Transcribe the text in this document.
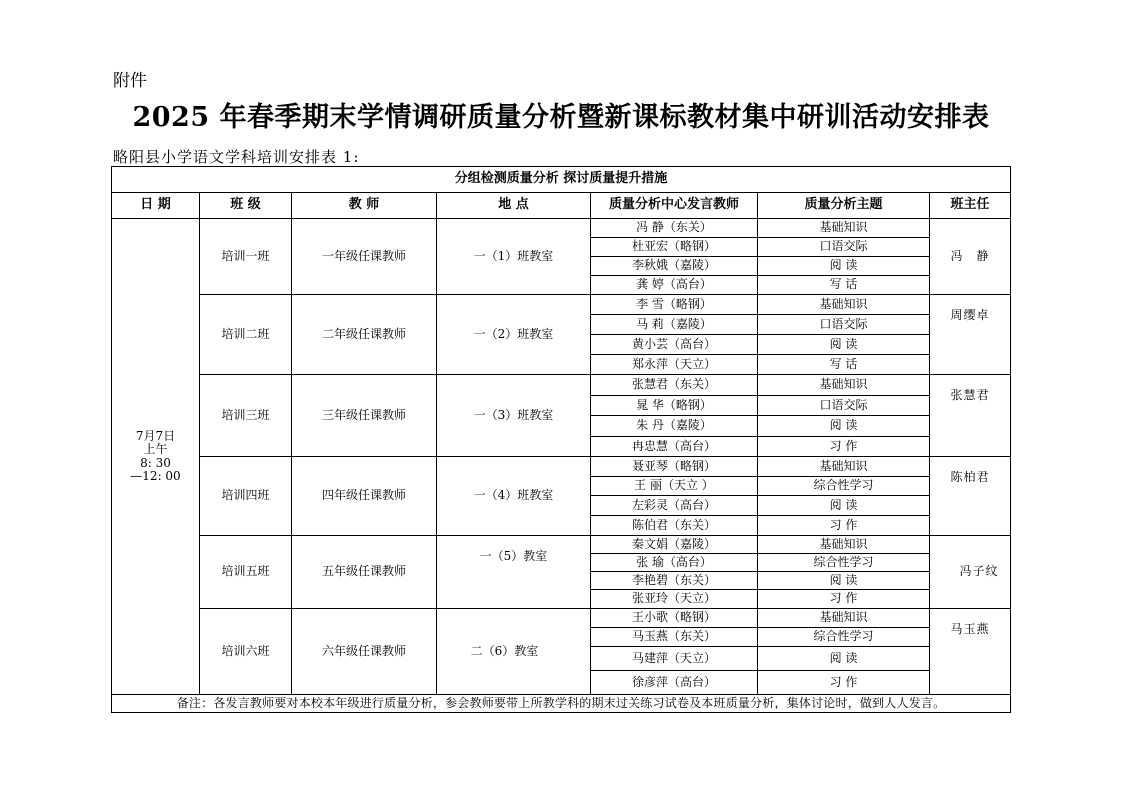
附件
2025 年春季期末学情调研质量分析暨新课标教材集中研训活动安排表
略阳县小学语文学科培训安排表 1:
分组检测质量分析 探讨质量提升措施						
日 期	班 级	教 师	地 点	质量分析中心发言教师	质量分析主题	班主任

7月7日
上午
8: 30
—12: 00	培训一班	一年级任课教师	一（1）班教室	冯 静（东关）	基础知识	冯　静
				杜亚宏（略钢）	口语交际	
				李秋娥（嘉陵）	阅 读	
				龚 婷（高台）	写 话	
	培训二班	二年级任课教师	一（2）班教室	李 雪（略钢）	基础知识	周缨卓
				马 莉（嘉陵）	口语交际	
				黄小芸（高台）	阅 读	
				郑永萍（天立）	写 话	
	培训三班	三年级任课教师	一（3）班教室	张慧君（东关）	基础知识	张慧君
				晁 华（略钢）	口语交际	
				朱 丹（嘉陵）	阅 读	
				冉忠慧（高台）	习 作	
	培训四班	四年级任课教师	一（4）班教室	聂亚琴（略钢）	基础知识	陈柏君
				王 丽（天立 ）	综合性学习	
				左彩灵（高台）	阅 读	
				陈伯君（东关）	习 作	
	培训五班	五年级任课教师	一（5）教室	秦文娟（嘉陵）	基础知识	冯子纹
				张 瑜（高台）	综合性学习	
				李艳碧（东关）	阅 读	
				张亚玲（天立）	习 作	
	培训六班	六年级任课教师	二（6）教室	王小歌（略钢）	基础知识	马玉燕
				马玉燕（东关）	综合性学习	
				马建萍（天立）	阅 读	
				徐彦萍（高台）	习 作	
备注：各发言教师要对本校本年级进行质量分析，参会教师要带上所教学科的期末过关练习试卷及本班质量分析，集体讨论时，做到人人发言。						
